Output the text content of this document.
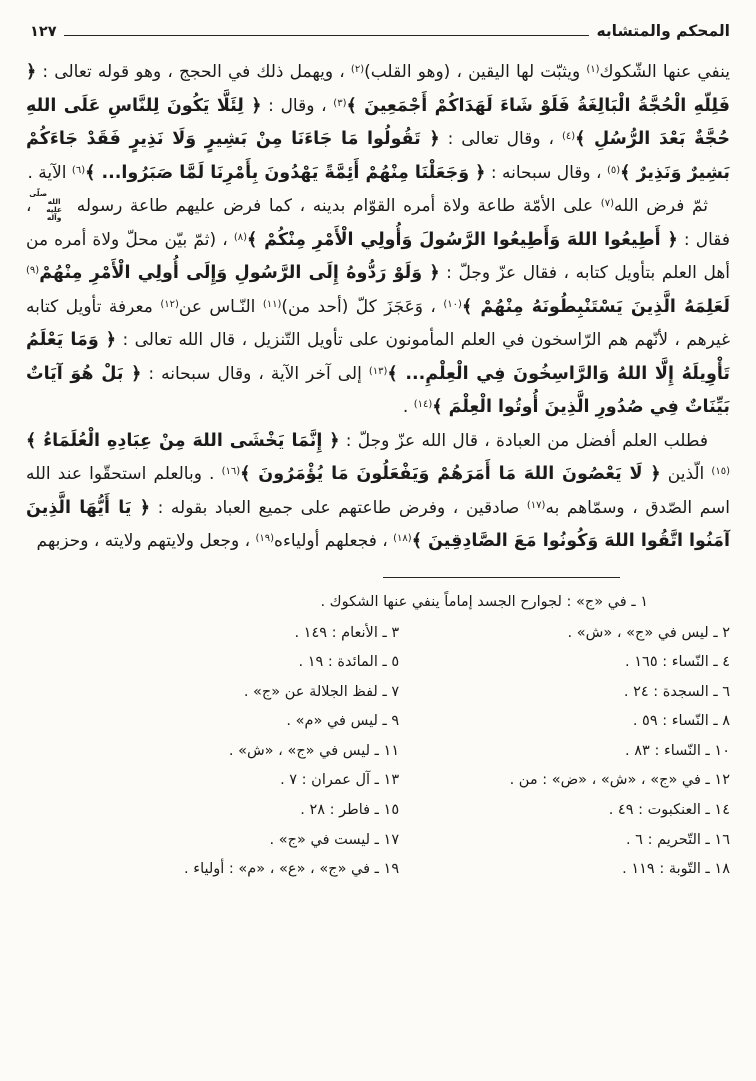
المحكم والمتشابه
١٢٧

ينفي عنها الشّكوك$^{(١)}$ ويثبّت لها اليقين ، (وهو القلب)$^{(٢)}$ ، ويهمل ذلك في الحجج ، وهو قوله تعالى : ﴿ فَلِلّهِ الْحُجَّةُ الْبَالِغَةُ فَلَوْ شَاءَ لَهَدَاكُمْ أَجْمَعِينَ ﴾$^{(٣)}$ ، وقال : ﴿ لِئَلَّا يَكُونَ لِلنَّاسِ عَلَى اللهِ حُجَّةٌ بَعْدَ الرُّسُلِ ﴾$^{(٤)}$ ، وقال تعالى : ﴿ تَقُولُوا مَا جَاءَنَا مِنْ بَشِيرٍ وَلَا نَذِيرٍ فَقَدْ جَاءَكُمْ بَشِيرٌ وَنَذِيرٌ ﴾$^{(٥)}$ ، وقال سبحانه : ﴿ وَجَعَلْنَا مِنْهُمْ أَئِمَّةً يَهْدُونَ بِأَمْرِنَا لَمَّا صَبَرُوا... ﴾$^{(٦)}$ الآية .

ثمّ فرض الله$^{(٧)}$ على الأمّة طاعة ولاة أمره القوّام بدينه ، كما فرض عليهم طاعة رسوله صلّى الله عليه وآله ، فقال : ﴿ أَطِيعُوا اللهَ وَأَطِيعُوا الرَّسُولَ وَأُولِي الْأَمْرِ مِنْكُمْ ﴾$^{(٨)}$ ، (ثمّ بيّن محلّ ولاة أمره من أهل العلم بتأويل كتابه ، فقال عزّ وجلّ : ﴿ وَلَوْ رَدُّوهُ إِلَى الرَّسُولِ وَإِلَى أُولِي الْأَمْرِ مِنْهُمْ$^{(٩)}$ لَعَلِمَهُ الَّذِينَ يَسْتَنْبِطُونَهُ مِنْهُمْ ﴾$^{(١٠)}$ ، وَعَجَزَ كلّ (أحد من)$^{(١١)}$ النّـاس عن$^{(١٢)}$ معرفة تأويل كتابه غيرهم ، لأنّهم هم الرّاسخون في العلم المأمونون على تأويل التّنزيل ، قال الله تعالى : ﴿ وَمَا يَعْلَمُ تَأْوِيلَهُ إِلَّا اللهُ وَالرَّاسِخُونَ فِي الْعِلْمِ... ﴾$^{(١٣)}$ إلى آخر الآية ، وقال سبحانه : ﴿ بَلْ هُوَ آيَاتٌ بَيِّنَاتٌ فِي صُدُورِ الَّذِينَ أُوتُوا الْعِلْمَ ﴾$^{(١٤)}$ .

فطلب العلم أفضل من العبادة ، قال الله عزّ وجلّ : ﴿ إِنَّمَا يَخْشَى اللهَ مِنْ عِبَادِهِ الْعُلَمَاءُ ﴾$^{(١٥)}$ الّذين ﴿ لَا يَعْصُونَ اللهَ مَا أَمَرَهُمْ وَيَفْعَلُونَ مَا يُؤْمَرُونَ ﴾$^{(١٦)}$ . وبالعلم استحقّوا عند الله اسم الصّدق ، وسمّاهم به$^{(١٧)}$ صادقين ، وفرض طاعتهم على جميع العباد بقوله : ﴿ يَا أَيُّهَا الَّذِينَ آمَنُوا اتَّقُوا اللهَ وَكُونُوا مَعَ الصَّادِقِينَ ﴾$^{(١٨)}$ ، فجعلهم أولياءه$^{(١٩)}$ ، وجعل ولايتهم ولايته ، وحزبهم

١ ـ في «ج» : لجوارح الجسد إماماً ينفي عنها الشكوك .
٢ ـ ليس في «ج» ، «ش» .
٤ ـ النّساء : ١٦٥ .
٦ ـ السجدة : ٢٤ .
٨ ـ النّساء : ٥٩ .
١٠ ـ النّساء : ٨٣ .
١٢ ـ في «ج» ، «ش» ، «ض» : من .
١٤ ـ العنكبوت : ٤٩ .
١٦ ـ التّحريم : ٦ .
١٨ ـ التّوبة : ١١٩ .
٣ ـ الأنعام : ١٤٩ .
٥ ـ المائدة : ١٩ .
٧ ـ لفظ الجلالة عن «ج» .
٩ ـ ليس في «م» .
١١ ـ ليس في «ج» ، «ش» .
١٣ ـ آل عمران : ٧ .
١٥ ـ فاطر : ٢٨ .
١٧ ـ ليست في «ج» .
١٩ ـ في «ج» ، «ع» ، «م» : أولياء .
